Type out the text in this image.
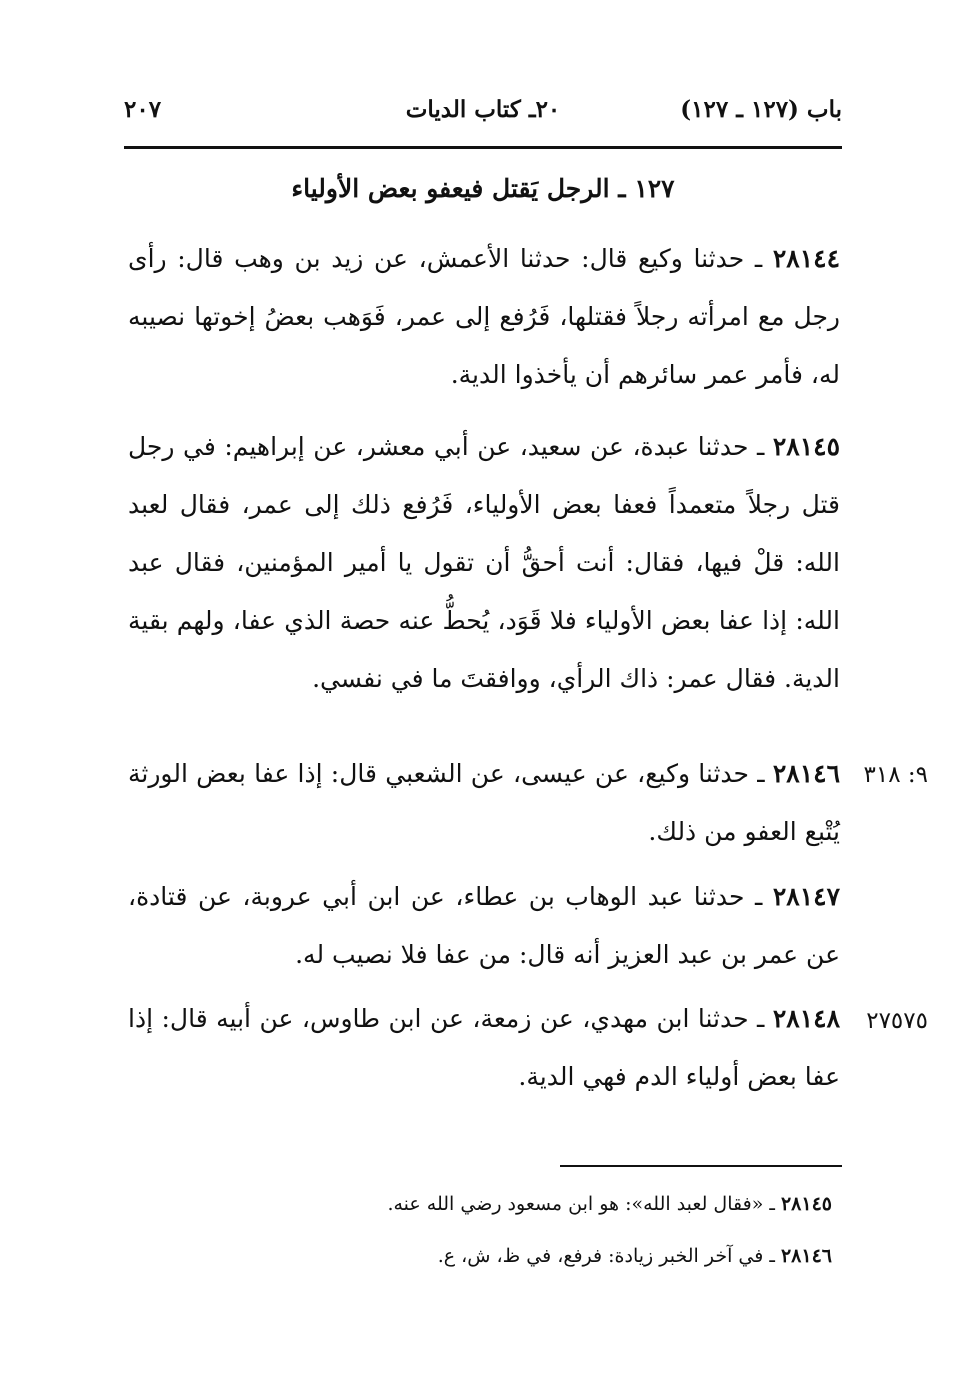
باب (١٢٧ ـ ١٢٧)
٢٠ـ كتاب الديات
٢٠٧
١٢٧ ـ الرجل يَقتل فيعفو بعض الأولياء

٢٨١٤٤ ـ حدثنا وكيع قال: حدثنا الأعمش، عن زيد بن وهب قال: رأى رجل مع امرأته رجلاً فقتلها، فَرُفع إلى عمر، فَوَهب بعضُ إخوتها نصيبه له، فأمر عمر سائرهم أن يأخذوا الدية.

٢٨١٤٥ ـ حدثنا عبدة، عن سعيد، عن أبي معشر، عن إبراهيم: في رجل قتل رجلاً متعمداً فعفا بعض الأولياء، فَرُفع ذلك إلى عمر، فقال لعبد الله: قلْ فيها، فقال: أنت أحقُّ أن تقول يا أمير المؤمنين، فقال عبد الله: إذا عفا بعض الأولياء فلا قَوَد، يُحطُّ عنه حصة الذي عفا، ولهم بقية الدية. فقال عمر: ذاك الرأي، ووافقتَ ما في نفسي.

٩: ٣١٨

٢٨١٤٦ ـ حدثنا وكيع، عن عيسى، عن الشعبي قال: إذا عفا بعض الورثة يُتْبع العفو من ذلك.

٢٨١٤٧ ـ حدثنا عبد الوهاب بن عطاء، عن ابن أبي عروبة، عن قتادة، عن عمر بن عبد العزيز أنه قال: من عفا فلا نصيب له.

٢٧٥٧٥

٢٨١٤٨ ـ حدثنا ابن مهدي، عن زمعة، عن ابن طاوس، عن أبيه قال: إذا عفا بعض أولياء الدم فهي الدية.

٢٨١٤٥ ـ «فقال لعبد الله»: هو ابن مسعود رضي الله عنه.
٢٨١٤٦ ـ في آخر الخبر زيادة: فرفع، في ظ، ش، ع.
